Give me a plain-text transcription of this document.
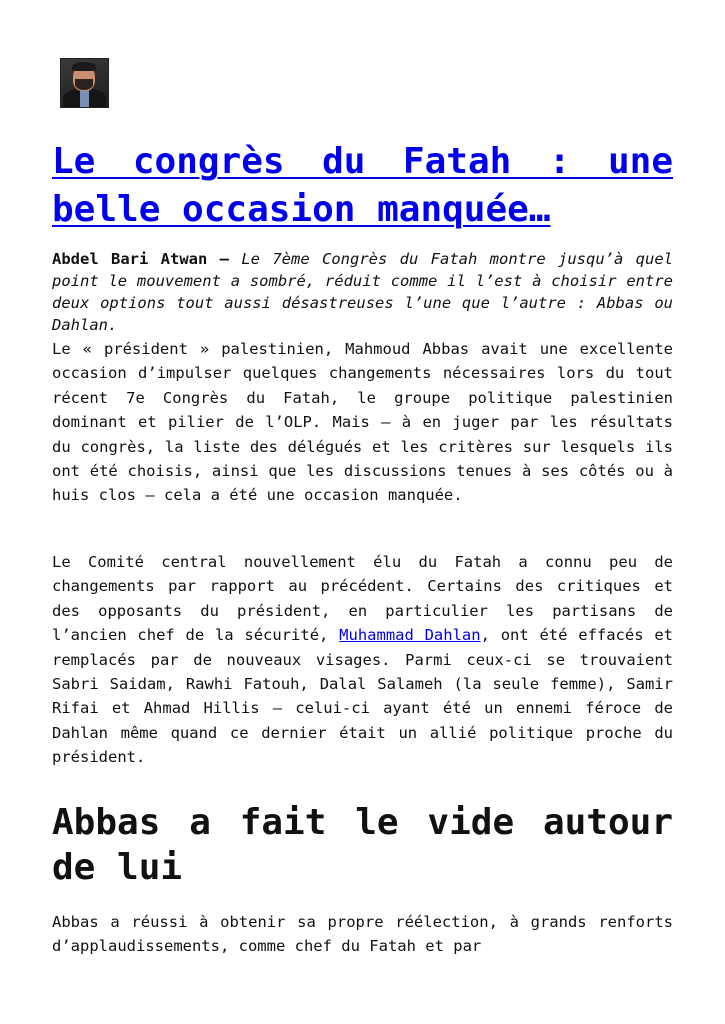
Le congrès du Fatah : une belle occasion manquée…

Abdel Bari Atwan – Le 7ème Congrès du Fatah montre jusqu’à quel point le mouvement a sombré, réduit comme il l’est à choisir entre deux options tout aussi désastreuses l’une que l’autre : Abbas ou Dahlan.

Le « président » palestinien, Mahmoud Abbas avait une excellente occasion d’impulser quelques changements nécessaires lors du tout récent 7e Congrès du Fatah, le groupe politique palestinien dominant et pilier de l’OLP. Mais – à en juger par les résultats du congrès, la liste des délégués et les critères sur lesquels ils ont été choisis, ainsi que les discussions tenues à ses côtés ou à huis clos – cela a été une occasion manquée.

Le Comité central nouvellement élu du Fatah a connu peu de changements par rapport au précédent. Certains des critiques et des opposants du président, en particulier les partisans de l’ancien chef de la sécurité, Muhammad Dahlan, ont été effacés et remplacés par de nouveaux visages. Parmi ceux-ci se trouvaient Sabri Saidam, Rawhi Fatouh, Dalal Salameh (la seule femme), Samir Rifai et Ahmad Hillis – celui-ci ayant été un ennemi féroce de Dahlan même quand ce dernier était un allié politique proche du président.

Abbas a fait le vide autour de lui

Abbas a réussi à obtenir sa propre réélection, à grands renforts d’applaudissements, comme chef du Fatah et par
